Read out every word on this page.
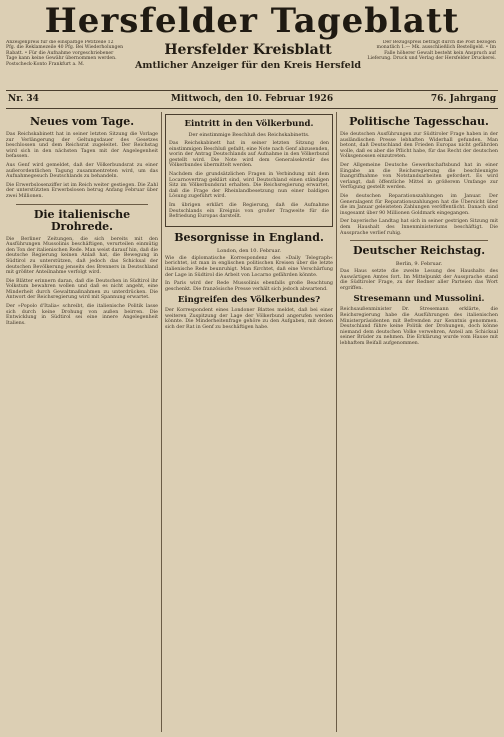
Hersfelder Tageblatt
Anzeigenpreis für die einspaltige Petitzeile 12 Pfg. die Reklamezeile 40 Pfg. Bei Wiederholungen Rabatt. • Für die Aufnahme vorgeschriebener Tage kann keine Gewähr übernommen werden. Postscheck-Konto Frankfurt a. M.
Hersfelder Kreisblatt
Amtlicher Anzeiger für den Kreis Hersfeld
Der Bezugspreis beträgt durch die Post bezogen monatlich 1.— Mk. ausschließlich Bestellgeld. • Im Falle höherer Gewalt besteht kein Anspruch auf Lieferung. Druck und Verlag der Hersfelder Druckerei.
Nr. 34	Mittwoch, den 10. Februar 1926	76. Jahrgang
Neues vom Tage.

Das Reichskabinett hat in seiner letzten Sitzung die Vorlage zur Verlängerung der Geltungsdauer des Gesetzes beschlossen und dem Reichsrat zugeleitet. Der Reichstag wird sich in den nächsten Tagen mit der Angelegenheit befassen.

Aus Genf wird gemeldet, daß der Völkerbundsrat zu einer außerordentlichen Tagung zusammentreten wird, um das Aufnahmegesuch Deutschlands zu behandeln.

Die Erwerbslosenziffer ist im Reich weiter gestiegen. Die Zahl der unterstützten Erwerbslosen betrug Anfang Februar über zwei Millionen.

Die italienische Drohrede.

Die Berliner Zeitungen, die sich bereits mit den Ausführungen Mussolinis beschäftigen, verurteilen einmütig den Ton der italienischen Rede. Man weist darauf hin, daß die deutsche Regierung keinen Anlaß hat, die Bewegung in Südtirol zu unterstützen, daß jedoch das Schicksal der deutschen Bevölkerung jenseits des Brenners in Deutschland mit größter Anteilnahme verfolgt wird.

Die Blätter erinnern daran, daß die Deutschen in Südtirol ihr Volkstum bewahren wollen und daß es nicht angeht, eine Minderheit durch Gewaltmaßnahmen zu unterdrücken. Die Antwort der Reichsregierung wird mit Spannung erwartet.

Der »Popolo d'Italia« schreibt, die italienische Politik lasse sich durch keine Drohung von außen beirren. Die Entwicklung in Südtirol sei eine innere Angelegenheit Italiens.

Eintritt in den Völkerbund.
Der einstimmige Beschluß des Reichskabinetts.

Das Reichskabinett hat in seiner letzten Sitzung den einstimmigen Beschluß gefaßt, eine Note nach Genf abzusenden, worin der Antrag Deutschlands auf Aufnahme in den Völkerbund gestellt wird. Die Note wird dem Generalsekretär des Völkerbundes übermittelt werden.

Nachdem die grundsätzlichen Fragen in Verbindung mit dem Locarnovertrag geklärt sind, wird Deutschland einen ständigen Sitz im Völkerbundsrat erhalten. Die Reichsregierung erwartet, daß die Frage der Rheinlandbesetzung nun einer baldigen Lösung zugeführt wird.

Im übrigen erklärt die Regierung, daß die Aufnahme Deutschlands ein Ereignis von großer Tragweite für die Befriedung Europas darstellt.

Besorgnisse in England.
London, den 10. Februar.

Wie die diplomatische Korrespondenz des »Daily Telegraph« berichtet, ist man in englischen politischen Kreisen über die letzte italienische Rede beunruhigt. Man fürchtet, daß eine Verschärfung der Lage in Südtirol die Arbeit von Locarno gefährden könnte.

In Paris wird der Rede Mussolinis ebenfalls große Beachtung geschenkt. Die französische Presse verhält sich jedoch abwartend.

Eingreifen des Völkerbundes?

Der Korrespondent eines Londoner Blattes meldet, daß bei einer weiteren Zuspitzung der Lage der Völkerbund angerufen werden könnte. Die Minderheitenfrage gehöre zu den Aufgaben, mit denen sich der Rat in Genf zu beschäftigen habe.

Politische Tagesschau.

Die deutschen Ausführungen zur Südtiroler Frage haben in der ausländischen Presse lebhaften Widerhall gefunden. Man betont, daß Deutschland den Frieden Europas nicht gefährden wolle, daß es aber die Pflicht habe, für das Recht der deutschen Volksgenossen einzutreten.

Der Allgemeine Deutsche Gewerkschaftsbund hat in einer Eingabe an die Reichsregierung die beschleunigte Inangriffnahme von Notstandsarbeiten gefordert. Es wird verlangt, daß öffentliche Mittel in größerem Umfange zur Verfügung gestellt werden.

Die deutschen Reparationszahlungen im Januar. Der Generalagent für Reparationszahlungen hat die Übersicht über die im Januar geleisteten Zahlungen veröffentlicht. Danach sind insgesamt über 90 Millionen Goldmark eingegangen.

Der bayerische Landtag hat sich in seiner gestrigen Sitzung mit dem Haushalt des Innenministeriums beschäftigt. Die Aussprache verlief ruhig.

Deutscher Reichstag.
Berlin, 9. Februar.

Das Haus setzte die zweite Lesung des Haushalts des Auswärtigen Amtes fort. Im Mittelpunkt der Aussprache stand die Südtiroler Frage, zu der Redner aller Parteien das Wort ergriffen.

Stresemann und Mussolini.

Reichsaußenminister Dr. Stresemann erklärte, die Reichsregierung habe die Ausführungen des italienischen Ministerpräsidenten mit Befremden zur Kenntnis genommen. Deutschland führe keine Politik der Drohungen, doch könne niemand dem deutschen Volke verwehren, Anteil am Schicksal seiner Brüder zu nehmen. Die Erklärung wurde vom Hause mit lebhaftem Beifall aufgenommen.
